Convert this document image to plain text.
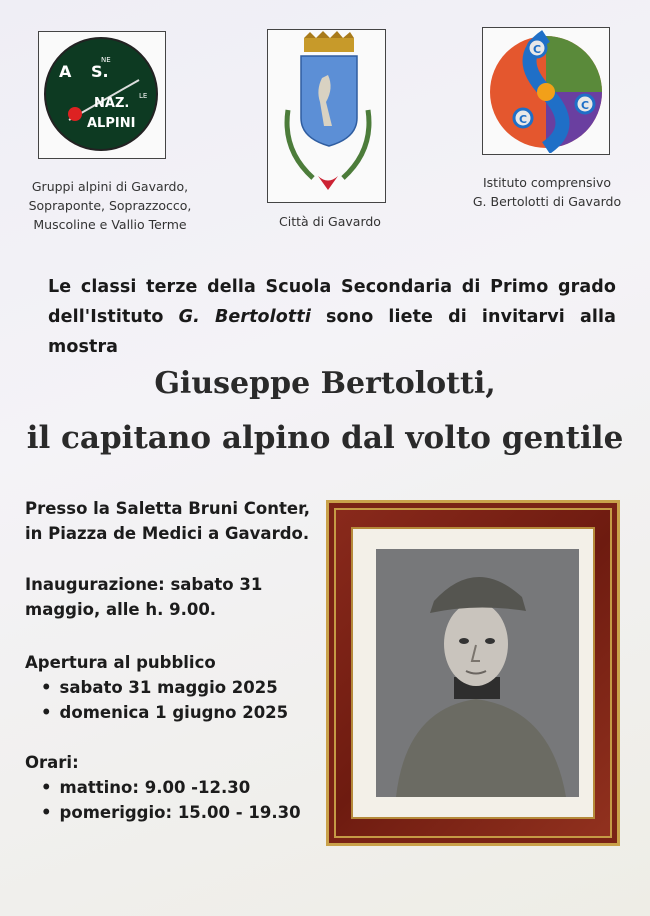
A S.
NE
NAZ. LE
ALPINI
C
C
C
Gruppi alpini di Gavardo,
Sopraponte, Soprazzocco,
Muscoline e Vallio Terme	Città di Gavardo
Istituto comprensivo
G. Bertolotti di Gavardo
Le classi terze della Scuola Secondaria di Primo grado dell'Istituto G. Bertolotti sono liete di invitarvi alla mostra
Giuseppe Bertolotti,
il capitano alpino dal volto gentile
Presso la Saletta Bruni Conter,
in Piazza de Medici a Gavardo.
Inaugurazione: sabato 31
maggio, alle h. 9.00.
Apertura al pubblico
• sabato 31 maggio 2025
• domenica 1 giugno 2025
Orari:
• mattino: 9.00 -12.30
• pomeriggio: 15.00 - 19.30
